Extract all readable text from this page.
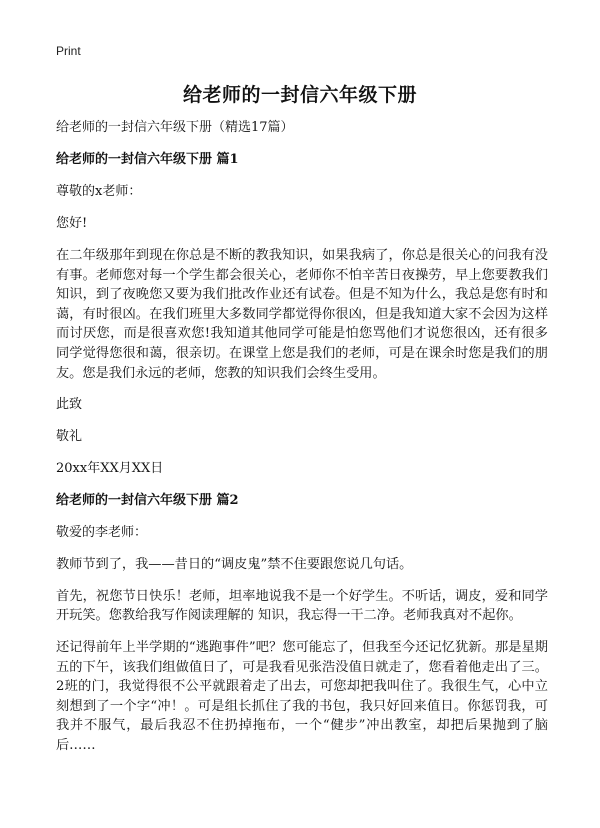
Print
给老师的一封信六年级下册

给老师的一封信六年级下册（精选17篇）

给老师的一封信六年级下册 篇1

尊敬的x老师：

您好!

在二年级那年到现在你总是不断的教我知识，如果我病了，你总是很关心的问我有没有事。老师您对每一个学生都会很关心，老师你不怕辛苦日夜操劳，早上您要教我们知识，到了夜晚您又要为我们批改作业还有试卷。但是不知为什么，我总是您有时和蔼，有时很凶。在我们班里大多数同学都觉得你很凶，但是我知道大家不会因为这样而讨厌您，而是很喜欢您!我知道其他同学可能是怕您骂他们才说您很凶，还有很多同学觉得您很和蔼，很亲切。在课堂上您是我们的老师，可是在课余时您是我们的朋友。您是我们永远的老师，您教的知识我们会终生受用。

此致

敬礼

20xx年XX月XX日

给老师的一封信六年级下册 篇2

敬爱的李老师：

教师节到了，我——昔日的“调皮鬼”禁不住要跟您说几句话。

首先，祝您节日快乐！老师，坦率地说我不是一个好学生。不听话，调皮，爱和同学开玩笑。您教给我写作阅读理解的 知识，我忘得一干二净。老师我真对不起你。

还记得前年上半学期的“逃跑事件”吧？您可能忘了，但我至今还记忆犹新。那是星期五的下午，该我们组做值日了，可是我看见张浩没值日就走了，您看着他走出了三。2班的门，我觉得很不公平就跟着走了出去，可您却把我叫住了。我很生气，心中立刻想到了一个字“冲！。可是组长抓住了我的书包，我只好回来值日。你惩罚我，可我并不服气，最后我忍不住扔掉拖布，一个“健步”冲出教室，却把后果抛到了脑后……
